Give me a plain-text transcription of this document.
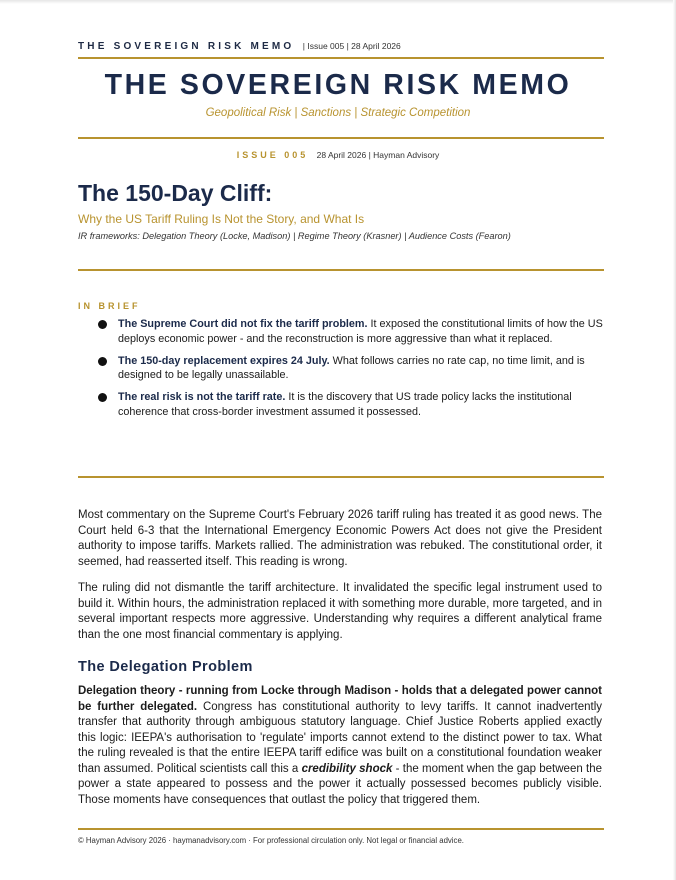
THE SOVEREIGN RISK MEMO | Issue 005 | 28 April 2026
THE SOVEREIGN RISK MEMO
Geopolitical Risk | Sanctions | Strategic Competition
ISSUE 005 28 April 2026 | Hayman Advisory
The 150-Day Cliff:
Why the US Tariff Ruling Is Not the Story, and What Is
IR frameworks: Delegation Theory (Locke, Madison) | Regime Theory (Krasner) | Audience Costs (Fearon)
IN BRIEF
The Supreme Court did not fix the tariff problem. It exposed the constitutional limits of how the US deploys economic power - and the reconstruction is more aggressive than what it replaced.
The 150-day replacement expires 24 July. What follows carries no rate cap, no time limit, and is designed to be legally unassailable.
The real risk is not the tariff rate. It is the discovery that US trade policy lacks the institutional coherence that cross-border investment assumed it possessed.

Most commentary on the Supreme Court's February 2026 tariff ruling has treated it as good news. The Court held 6-3 that the International Emergency Economic Powers Act does not give the President authority to impose tariffs. Markets rallied. The administration was rebuked. The constitutional order, it seemed, had reasserted itself. This reading is wrong.

The ruling did not dismantle the tariff architecture. It invalidated the specific legal instrument used to build it. Within hours, the administration replaced it with something more durable, more targeted, and in several important respects more aggressive. Understanding why requires a different analytical frame than the one most financial commentary is applying.

The Delegation Problem

Delegation theory - running from Locke through Madison - holds that a delegated power cannot be further delegated. Congress has constitutional authority to levy tariffs. It cannot inadvertently transfer that authority through ambiguous statutory language. Chief Justice Roberts applied exactly this logic: IEEPA's authorisation to 'regulate' imports cannot extend to the distinct power to tax. What the ruling revealed is that the entire IEEPA tariff edifice was built on a constitutional foundation weaker than assumed. Political scientists call this a credibility shock - the moment when the gap between the power a state appeared to possess and the power it actually possessed becomes publicly visible. Those moments have consequences that outlast the policy that triggered them.

© Hayman Advisory 2026 · haymanadvisory.com · For professional circulation only. Not legal or financial advice.
